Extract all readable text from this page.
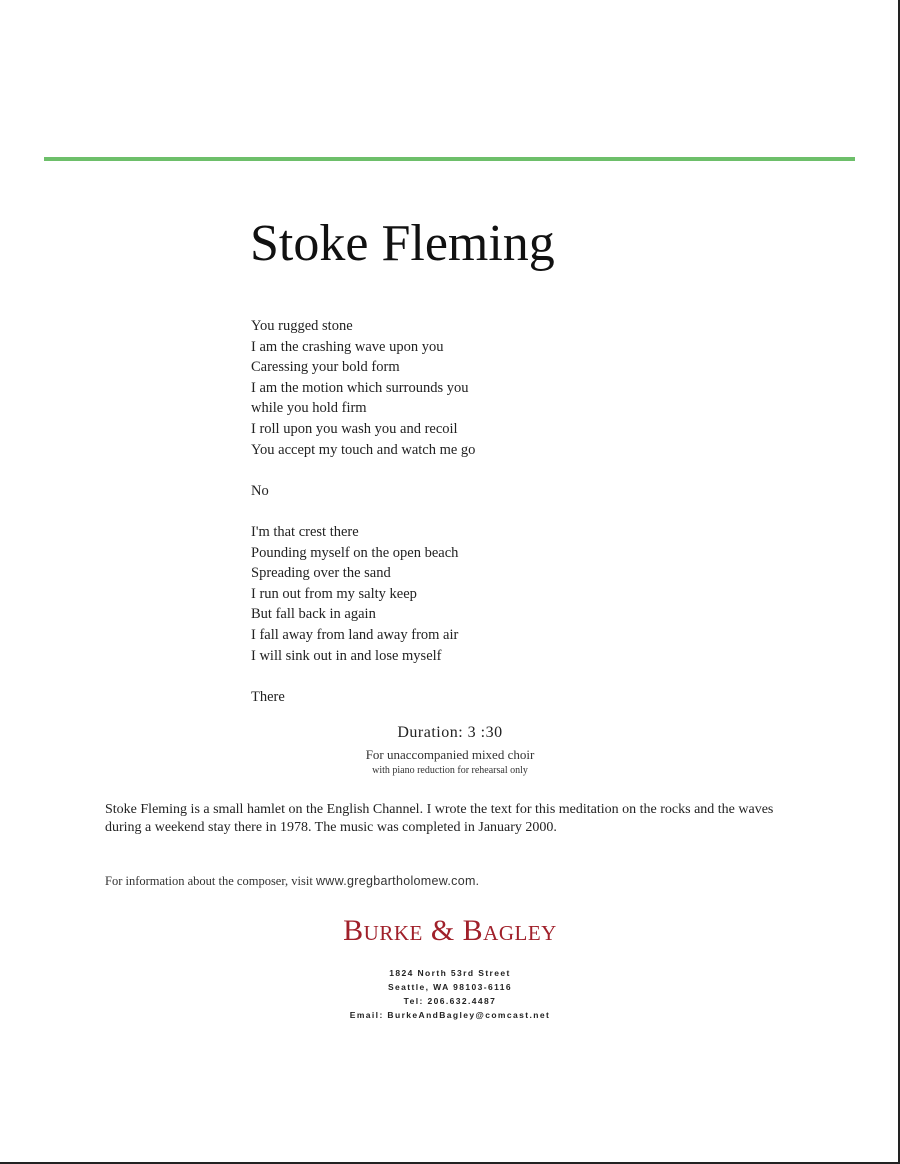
Stoke Fleming
You rugged stone
I am the crashing wave upon you
Caressing your bold form
I am the motion which surrounds you
while you hold firm
I roll upon you wash you and recoil
You accept my touch and watch me go
No
I'm that crest there
Pounding myself on the open beach
Spreading over the sand
I run out from my salty keep
But fall back in again
I fall away from land away from air
I will sink out in and lose myself
There
Duration: 3 :30
For unaccompanied mixed choir
with piano reduction for rehearsal only

Stoke Fleming is a small hamlet on the English Channel. I wrote the text for this meditation on the rocks and the waves during a weekend stay there in 1978. The music was completed in January 2000.

For information about the composer, visit www.gregbartholomew.com.
Burke & Bagley
1824 North 53rd Street
Seattle, WA 98103-6116
Tel: 206.632.4487
Email: BurkeAndBagley@comcast.net
